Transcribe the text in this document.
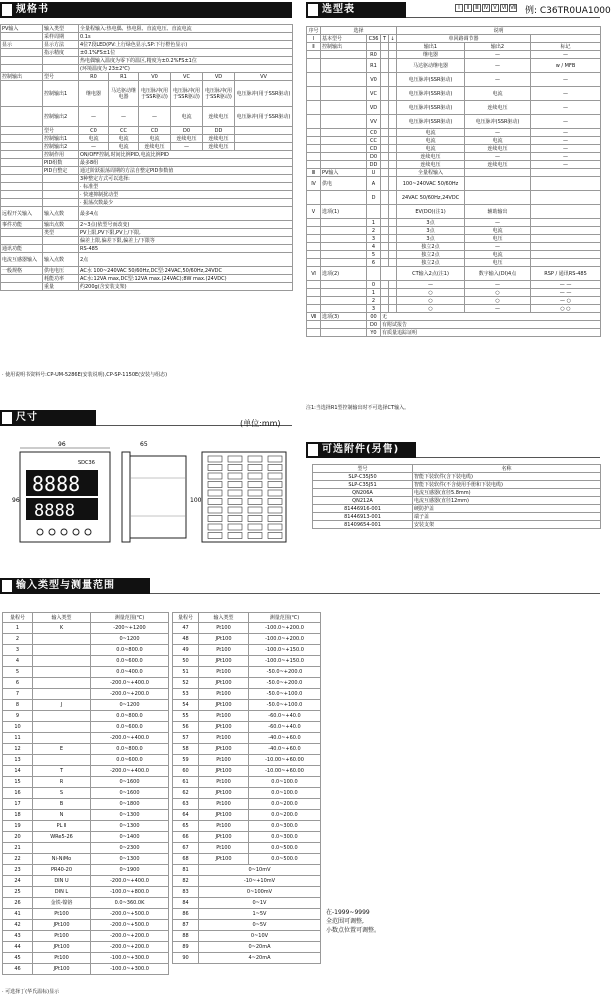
规格书
PV输入	输入类型	全量程输入:热电偶、热电阻、直流电压、直流电流					
	采样周期	0.1s					
显示	显示方法	4位7段LED(PV:上行绿色显示,SP:下行橙色显示)					
	指示精度	±0.1%FS±1位					
		热电偶输入温度为零下的温区,精度为±0.2%FS±1位					
		(环境温度为 23±2℃)					
控制输出	型号	R0	R1	V0	VC	VD	VV
	控制输出1	继电器	马达驱动继电器	电压脉冲(用于SSR驱动)	电压脉冲(用于SSR驱动)	电压脉冲(用于SSR驱动)	电压脉冲(用于SSR驱动)
	控制输出2	—	—	—	电流	连续电压	电压脉冲(用于SSR驱动)
	型号	C0	CC	CD	D0	DD	
	控制输出1	电流	电流	电流	连续电压	连续电压	
	控制输出2	—	电流	连续电压	—	连续电压	
	控制作用	ON/OFF控制,时间比例PID,电流比例PID					
	PID组数	最多8组					
	PID自整定	通过阶跃振荡周期的方法自整定PID参数值					
		3种整定方式可以选择:					
		· 标准型					
		· 快速抑制扰动型					
		· 振荡次数最少					
远程开关输入	输入点数	最多4点					
事件功能	输出点数	2~3点(依型号而改变)					
	类型	PV上限,PV下限,PV上/下限,					
		偏差上限,偏差下限,偏差上/下限等					
通讯功能		RS-485					
电流互感器输入	输入点数	2点					
一般规格	供电电压	AC水 100~240VAC 50/60Hz,DC型:24VAC,50/60Hz,24VDC					
	耗能功率	AC水:12VA max,DC型:12VA max.(24VAC);8W max.(24VDC)					
	重量	约200g(含安装支架)					
· 使用说明书资料号:CP-UM-5286E(安装说明),CP-SP-1150E(安装与组态)
选型表	Ⅰ Ⅱ Ⅲ Ⅳ Ⅴ Ⅵ Ⅶ 例: C36TR0UA1000
序号	选择				说明		
Ⅰ	基本型号	C36	T	↓	单回路调节器		
Ⅱ	控制输出				输出1	输出2	标记
		R0			继电器	—	—
		R1			马达驱动继电器	—	w / MFB
		V0			电压脉冲(SSR驱动)	—	—
		VC			电压脉冲(SSR驱动)	电流	—
		VD			电压脉冲(SSR驱动)	连续电压	—
		VV			电压脉冲(SSR驱动)	电压脉冲(SSR驱动)	—
		C0			电流	—	—
		CC			电流	电流	—
		CD			电流	连续电压	—
		D0			连续电压	—	—
		DD			连续电压	连续电压	—
Ⅲ	PV输入	U			全量程输入		
Ⅳ	供电	A			100~240VAC 50/60Hz		
		D			24VAC 50/60Hz,24VDC		
Ⅴ	选项(1)				EV(DO)(注1)	辅助输出	
		1			3点	—	
		2			3点	电流	
		3			3点	电压	
		4			独立2点	—	
		5			独立2点	电流	
		6			独立2点	电压	
Ⅵ	选项(2)				CT输入2点(注1)	数字输入(DI)4点	RSP / 通讯RS-485
		0			—	—	— —
		1			○	○	— —
		2			○	○	— ○
		3			○	—	○ ○
Ⅶ	选项(3)	00	无				
		D0	有附试报告				
		Y0	有质量追踪证明				
注1:当选择R1型控制输出时不可选择CT输入。
尺寸
(单位:mm)
96
8888
8888
SDC36
96
65
100
可选附件(另售)
型号	名称
SLP-C35J50	智能下装软件(含下装电缆)
SLP-C35J51	智能下装软件(不含使用手册和下装电缆)
QN206A	电流互感器(直径5.8mm)
QN212A	电流互感器(直径12mm)
81446916-001	硬防护盖
81446913-001	端子盖
81409654-001	安装支架
输入类型与测量范围
量程号	输入类型	测量范围(℃)
1	K	-200~+1200
2		0~1200
3		0.0~800.0
4		0.0~600.0
5		0.0~400.0
6		-200.0~+400.0
7		-200.0~+200.0
8	J	0~1200
9		0.0~800.0
10		0.0~600.0
11		-200.0~+400.0
12	E	0.0~800.0
13		0.0~600.0
14	T	-200.0~+400.0
15	R	0~1600
16	S	0~1600
17	B	0~1800
18	N	0~1300
19	PL Ⅱ	0~1300
20	WRe5-26	0~1400
21		0~2300
22	Ni-NiMo	0~1300
23	PR40-20	0~1900
24	DIN U	-200.0~+400.0
25	DIN L	-100.0~+800.0
26	金铁-镍铬	0.0~360.0K
41	Pt100	-200.0~+500.0
42	JPt100	-200.0~+500.0
43	Pt100	-200.0~+200.0
44	JPt100	-200.0~+200.0
45	Pt100	-100.0~+300.0
46	JPt100	-100.0~+300.0
量程号	输入类型	测量范围(℃)
47	Pt100	-100.0~+200.0
48	JPt100	-100.0~+200.0
49	Pt100	-100.0~+150.0
50	JPt100	-100.0~+150.0
51	Pt100	-50.0~+200.0
52	JPt100	-50.0~+200.0
53	Pt100	-50.0~+100.0
54	JPt100	-50.0~+100.0
55	Pt100	-60.0~+40.0
56	JPt100	-60.0~+40.0
57	Pt100	-40.0~+60.0
58	JPt100	-40.0~+60.0
59	Pt100	-10.00~+60.00
60	JPt100	-10.00~+60.00
61	Pt100	0.0~100.0
62	JPt100	0.0~100.0
63	Pt100	0.0~200.0
64	JPt100	0.0~200.0
65	Pt100	0.0~300.0
66	JPt100	0.0~300.0
67	Pt100	0.0~500.0
68	JPt100	0.0~500.0
81	0~10mV	
82	-10~+10mV	
83	0~100mV	
84	0~1V	
86	1~5V	
87	0~5V	
88	0~10V	
89	0~20mA	
90	4~20mA	
在-1999~9999
全范围可调整,
小数点位置可调整。
· 可选择丁(华氏温标)显示
